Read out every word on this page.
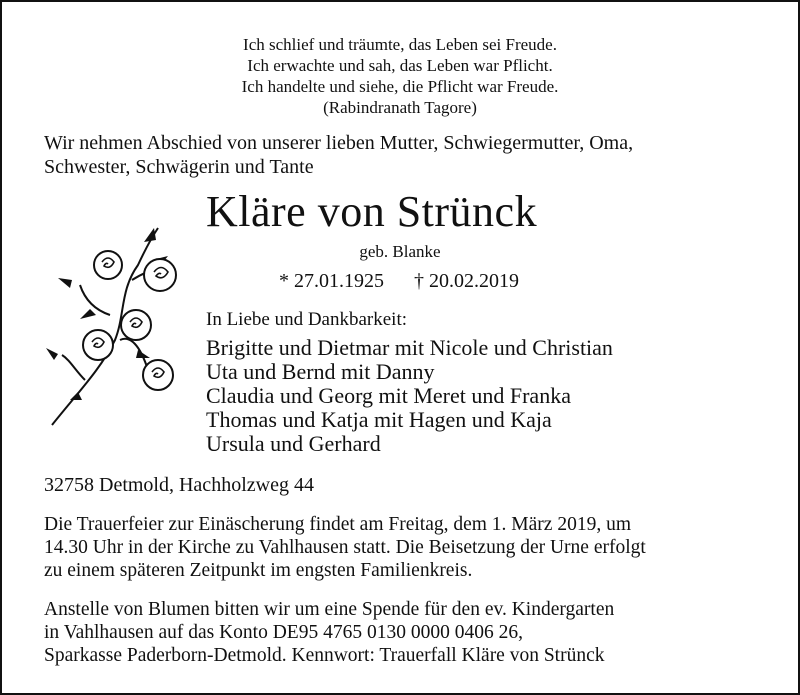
Ich schlief und träumte, das Leben sei Freude.
Ich erwachte und sah, das Leben war Pflicht.
Ich handelte und siehe, die Pflicht war Freude.
(Rabindranath Tagore)
Wir nehmen Abschied von unserer lieben Mutter, Schwiegermutter, Oma,
Schwester, Schwägerin und Tante
Kläre von Strünck
geb. Blanke
* 27.01.1925 † 20.02.2019
In Liebe und Dankbarkeit:
Brigitte und Dietmar mit Nicole und Christian
Uta und Bernd mit Danny
Claudia und Georg mit Meret und Franka
Thomas und Katja mit Hagen und Kaja
Ursula und Gerhard
32758 Detmold, Hachholzweg 44
Die Trauerfeier zur Einäscherung findet am Freitag, dem 1. März 2019, um
14.30 Uhr in der Kirche zu Vahlhausen statt. Die Beisetzung der Urne erfolgt
zu einem späteren Zeitpunkt im engsten Familienkreis.
Anstelle von Blumen bitten wir um eine Spende für den ev. Kindergarten
in Vahlhausen auf das Konto DE95 4765 0130 0000 0406 26,
Sparkasse Paderborn-Detmold. Kennwort: Trauerfall Kläre von Strünck
